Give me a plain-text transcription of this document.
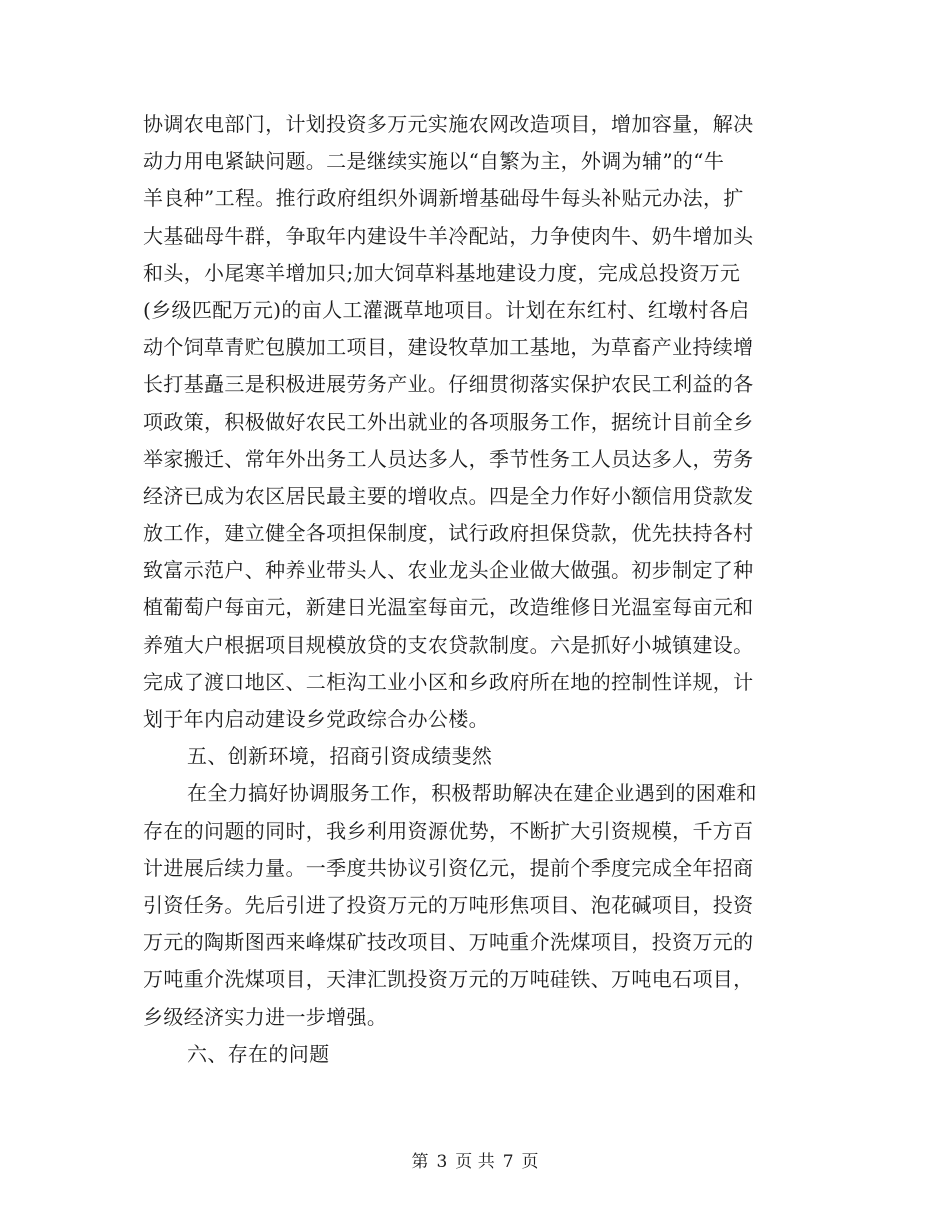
协调农电部门，计划投资多万元实施农网改造项目，增加容量，解决
动力用电紧缺问题。二是继续实施以“自繁为主，外调为辅”的“牛
羊良种”工程。推行政府组织外调新增基础母牛每头补贴元办法，扩
大基础母牛群，争取年内建设牛羊冷配站，力争使肉牛、奶牛增加头
和头，小尾寒羊增加只;加大饲草料基地建设力度，完成总投资万元
(乡级匹配万元)的亩人工灌溉草地项目。计划在东红村、红墩村各启
动个饲草青贮包膜加工项目，建设牧草加工基地，为草畜产业持续增
长打基矗三是积极进展劳务产业。仔细贯彻落实保护农民工利益的各
项政策，积极做好农民工外出就业的各项服务工作，据统计目前全乡
举家搬迁、常年外出务工人员达多人，季节性务工人员达多人，劳务
经济已成为农区居民最主要的增收点。四是全力作好小额信用贷款发
放工作，建立健全各项担保制度，试行政府担保贷款，优先扶持各村
致富示范户、种养业带头人、农业龙头企业做大做强。初步制定了种
植葡萄户每亩元，新建日光温室每亩元，改造维修日光温室每亩元和
养殖大户根据项目规模放贷的支农贷款制度。六是抓好小城镇建设。
完成了渡口地区、二柜沟工业小区和乡政府所在地的控制性详规，计
划于年内启动建设乡党政综合办公楼。
五、创新环境，招商引资成绩斐然
在全力搞好协调服务工作，积极帮助解决在建企业遇到的困难和
存在的问题的同时，我乡利用资源优势，不断扩大引资规模，千方百
计进展后续力量。一季度共协议引资亿元，提前个季度完成全年招商
引资任务。先后引进了投资万元的万吨形焦项目、泡花碱项目，投资
万元的陶斯图西来峰煤矿技改项目、万吨重介洗煤项目，投资万元的
万吨重介洗煤项目，天津汇凯投资万元的万吨硅铁、万吨电石项目，
乡级经济实力进一步增强。
六、存在的问题
第 3 页 共 7 页
